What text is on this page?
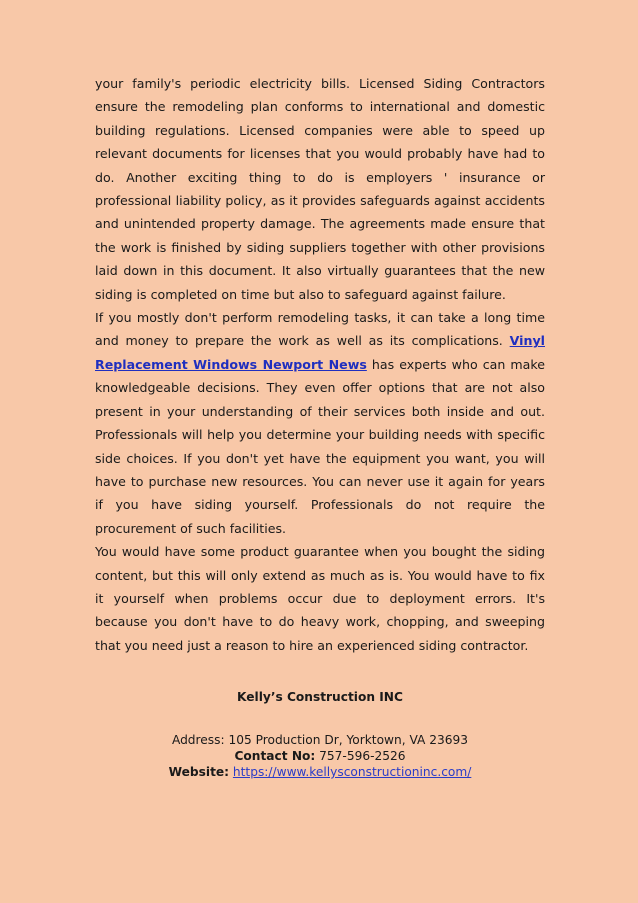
your family's periodic electricity bills. Licensed Siding Contractors ensure the remodeling plan conforms to international and domestic building regulations. Licensed companies were able to speed up relevant documents for licenses that you would probably have had to do. Another exciting thing to do is employers ' insurance or professional liability policy, as it provides safeguards against accidents and unintended property damage. The agreements made ensure that the work is finished by siding suppliers together with other provisions laid down in this document. It also virtually guarantees that the new siding is completed on time but also to safeguard against failure.

If you mostly don't perform remodeling tasks, it can take a long time and money to prepare the work as well as its complications. Vinyl Replacement Windows Newport News has experts who can make knowledgeable decisions. They even offer options that are not also present in your understanding of their services both inside and out. Professionals will help you determine your building needs with specific side choices. If you don't yet have the equipment you want, you will have to purchase new resources. You can never use it again for years if you have siding yourself. Professionals do not require the procurement of such facilities.

You would have some product guarantee when you bought the siding content, but this will only extend as much as is. You would have to fix it yourself when problems occur due to deployment errors. It's because you don't have to do heavy work, chopping, and sweeping that you need just a reason to hire an experienced siding contractor.

Kelly’s Construction INC

Address: 105 Production Dr, Yorktown, VA 23693

Contact No: 757-596-2526

Website: https://www.kellysconstructioninc.com/
